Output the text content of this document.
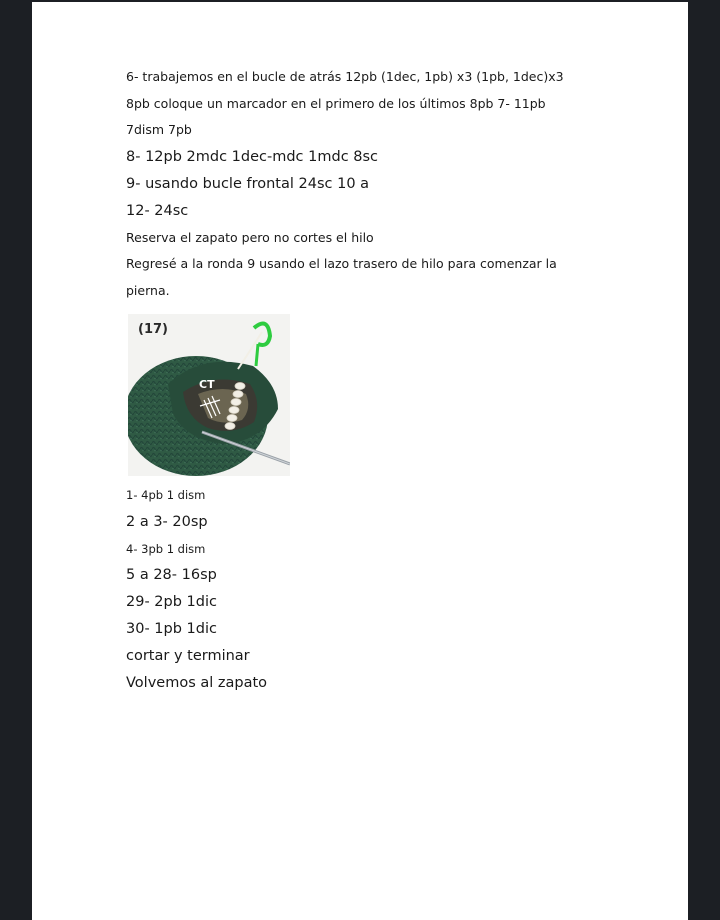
6- trabajemos en el bucle de atrás 12pb (1dec, 1pb) x3 (1pb, 1dec)x3
8pb coloque un marcador en el primero de los últimos 8pb 7- 11pb
7dism 7pb
8- 12pb 2mdc 1dec-mdc 1mdc 8sc
9- usando bucle frontal 24sc 10 a
12- 24sc
Reserva el zapato pero no cortes el hilo
Regresé a la ronda 9 usando el lazo trasero de hilo para comenzar la
pierna.
(17)
CT
1- 4pb 1 dism
2 a 3- 20sp
4- 3pb 1 dism
5 a 28- 16sp
29- 2pb 1dic
30- 1pb 1dic
cortar y terminar
Volvemos al zapato
